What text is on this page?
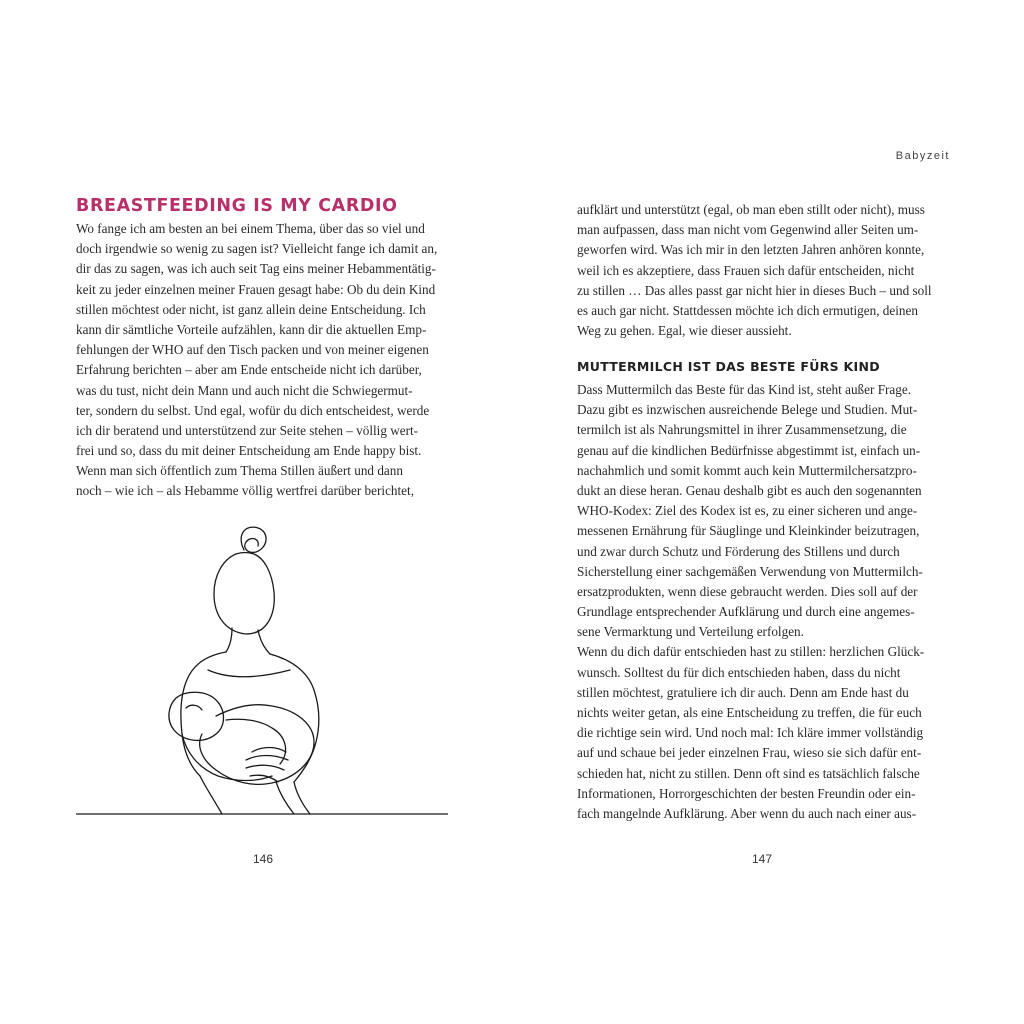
BREASTFEEDING IS MY CARDIO
Wo fange ich am besten an bei einem Thema, über das so viel und
doch irgendwie so wenig zu sagen ist? Vielleicht fange ich damit an,
dir das zu sagen, was ich auch seit Tag eins meiner Hebammentätig-
keit zu jeder einzelnen meiner Frauen gesagt habe: Ob du dein Kind
stillen möchtest oder nicht, ist ganz allein deine Entscheidung. Ich
kann dir sämtliche Vorteile aufzählen, kann dir die aktuellen Emp-
fehlungen der WHO auf den Tisch packen und von meiner eigenen
Erfahrung berichten – aber am Ende entscheide nicht ich darüber,
was du tust, nicht dein Mann und auch nicht die Schwiegermut-
ter, sondern du selbst. Und egal, wofür du dich entscheidest, werde
ich dir beratend und unterstützend zur Seite stehen – völlig wert-
frei und so, dass du mit deiner Entscheidung am Ende happy bist.
Wenn man sich öffentlich zum Thema Stillen äußert und dann
noch – wie ich – als Hebamme völlig wertfrei darüber berichtet,
146
Babyzeit
aufklärt und unterstützt (egal, ob man eben stillt oder nicht), muss
man aufpassen, dass man nicht vom Gegenwind aller Seiten um-
geworfen wird. Was ich mir in den letzten Jahren anhören konnte,
weil ich es akzeptiere, dass Frauen sich dafür entscheiden, nicht
zu stillen … Das alles passt gar nicht hier in dieses Buch – und soll
es auch gar nicht. Stattdessen möchte ich dich ermutigen, deinen
Weg zu gehen. Egal, wie dieser aussieht.
MUTTERMILCH IST DAS BESTE FÜRS KIND
Dass Muttermilch das Beste für das Kind ist, steht außer Frage.
Dazu gibt es inzwischen ausreichende Belege und Studien. Mut-
termilch ist als Nahrungsmittel in ihrer Zusammensetzung, die
genau auf die kindlichen Bedürfnisse abgestimmt ist, einfach un-
nachahmlich und somit kommt auch kein Muttermilchersatzpro-
dukt an diese heran. Genau deshalb gibt es auch den sogenannten
WHO-Kodex: Ziel des Kodex ist es, zu einer sicheren und ange-
messenen Ernährung für Säuglinge und Kleinkinder beizutragen,
und zwar durch Schutz und Förderung des Stillens und durch
Sicherstellung einer sachgemäßen Verwendung von Muttermilch-
ersatzprodukten, wenn diese gebraucht werden. Dies soll auf der
Grundlage entsprechender Aufklärung und durch eine angemes-
sene Vermarktung und Verteilung erfolgen.
Wenn du dich dafür entschieden hast zu stillen: herzlichen Glück-
wunsch. Solltest du für dich entschieden haben, dass du nicht
stillen möchtest, gratuliere ich dir auch. Denn am Ende hast du
nichts weiter getan, als eine Entscheidung zu treffen, die für euch
die richtige sein wird. Und noch mal: Ich kläre immer vollständig
auf und schaue bei jeder einzelnen Frau, wieso sie sich dafür ent-
schieden hat, nicht zu stillen. Denn oft sind es tatsächlich falsche
Informationen, Horrorgeschichten der besten Freundin oder ein-
fach mangelnde Aufklärung. Aber wenn du auch nach einer aus-
147
